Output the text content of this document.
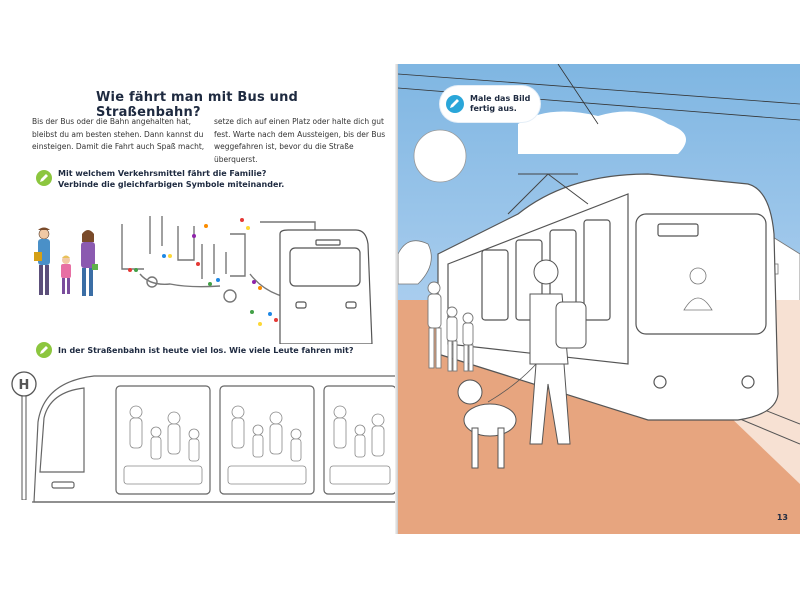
Wie fährt man mit Bus und Straßenbahn?
Bis der Bus oder die Bahn angehalten hat, bleibst du am besten stehen. Dann kannst du einsteigen. Damit die Fahrt auch Spaß macht,
setze dich auf einen Platz oder halte dich gut fest. Warte nach dem Aussteigen, bis der Bus weggefahren ist, bevor du die Straße überquerst.
Mit welchem Verkehrsmittel fährt die Familie?
Verbinde die gleichfarbigen Symbole miteinander.
In der Straßenbahn ist heute viel los. Wie viele Leute fahren mit?
H
Male das Bild
fertig aus.
13
